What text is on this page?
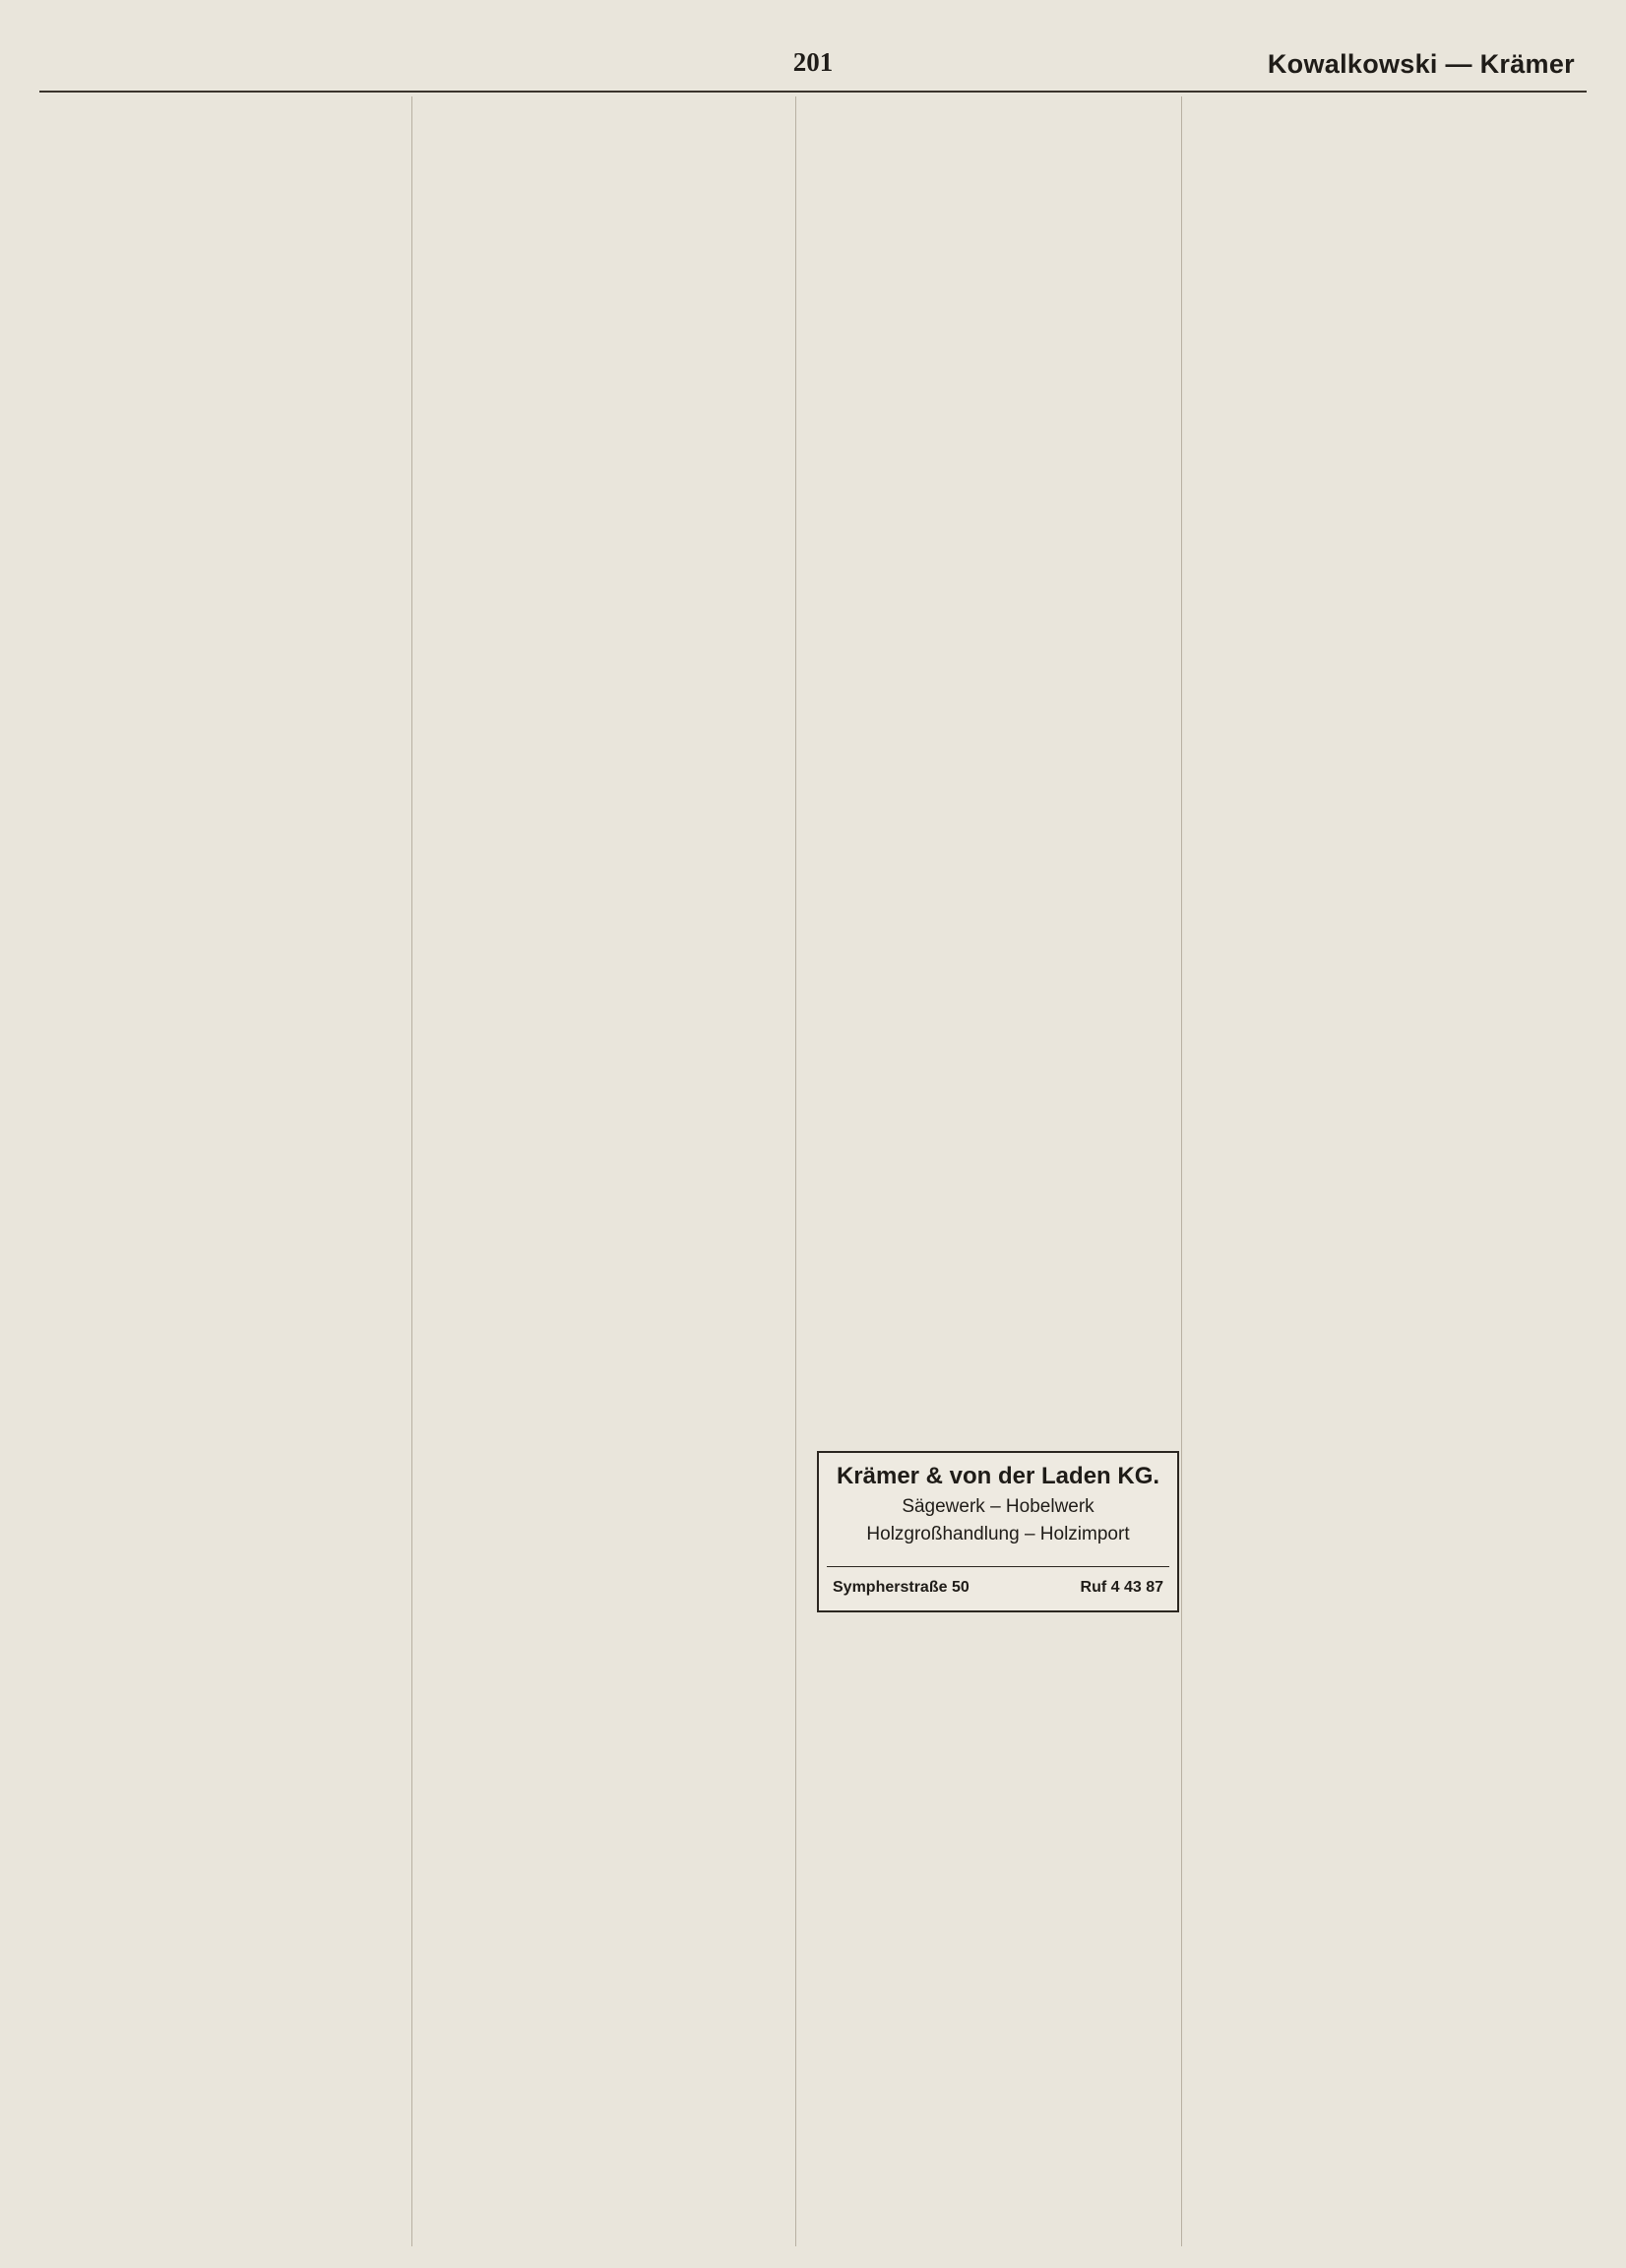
201	Kowalkowski — Krämer
Krämer & von der Laden KG.
Sägewerk – Hobelwerk
Holzgroßhandlung – Holzimport
Sympherstraße 50	Ruf 4 43 87
